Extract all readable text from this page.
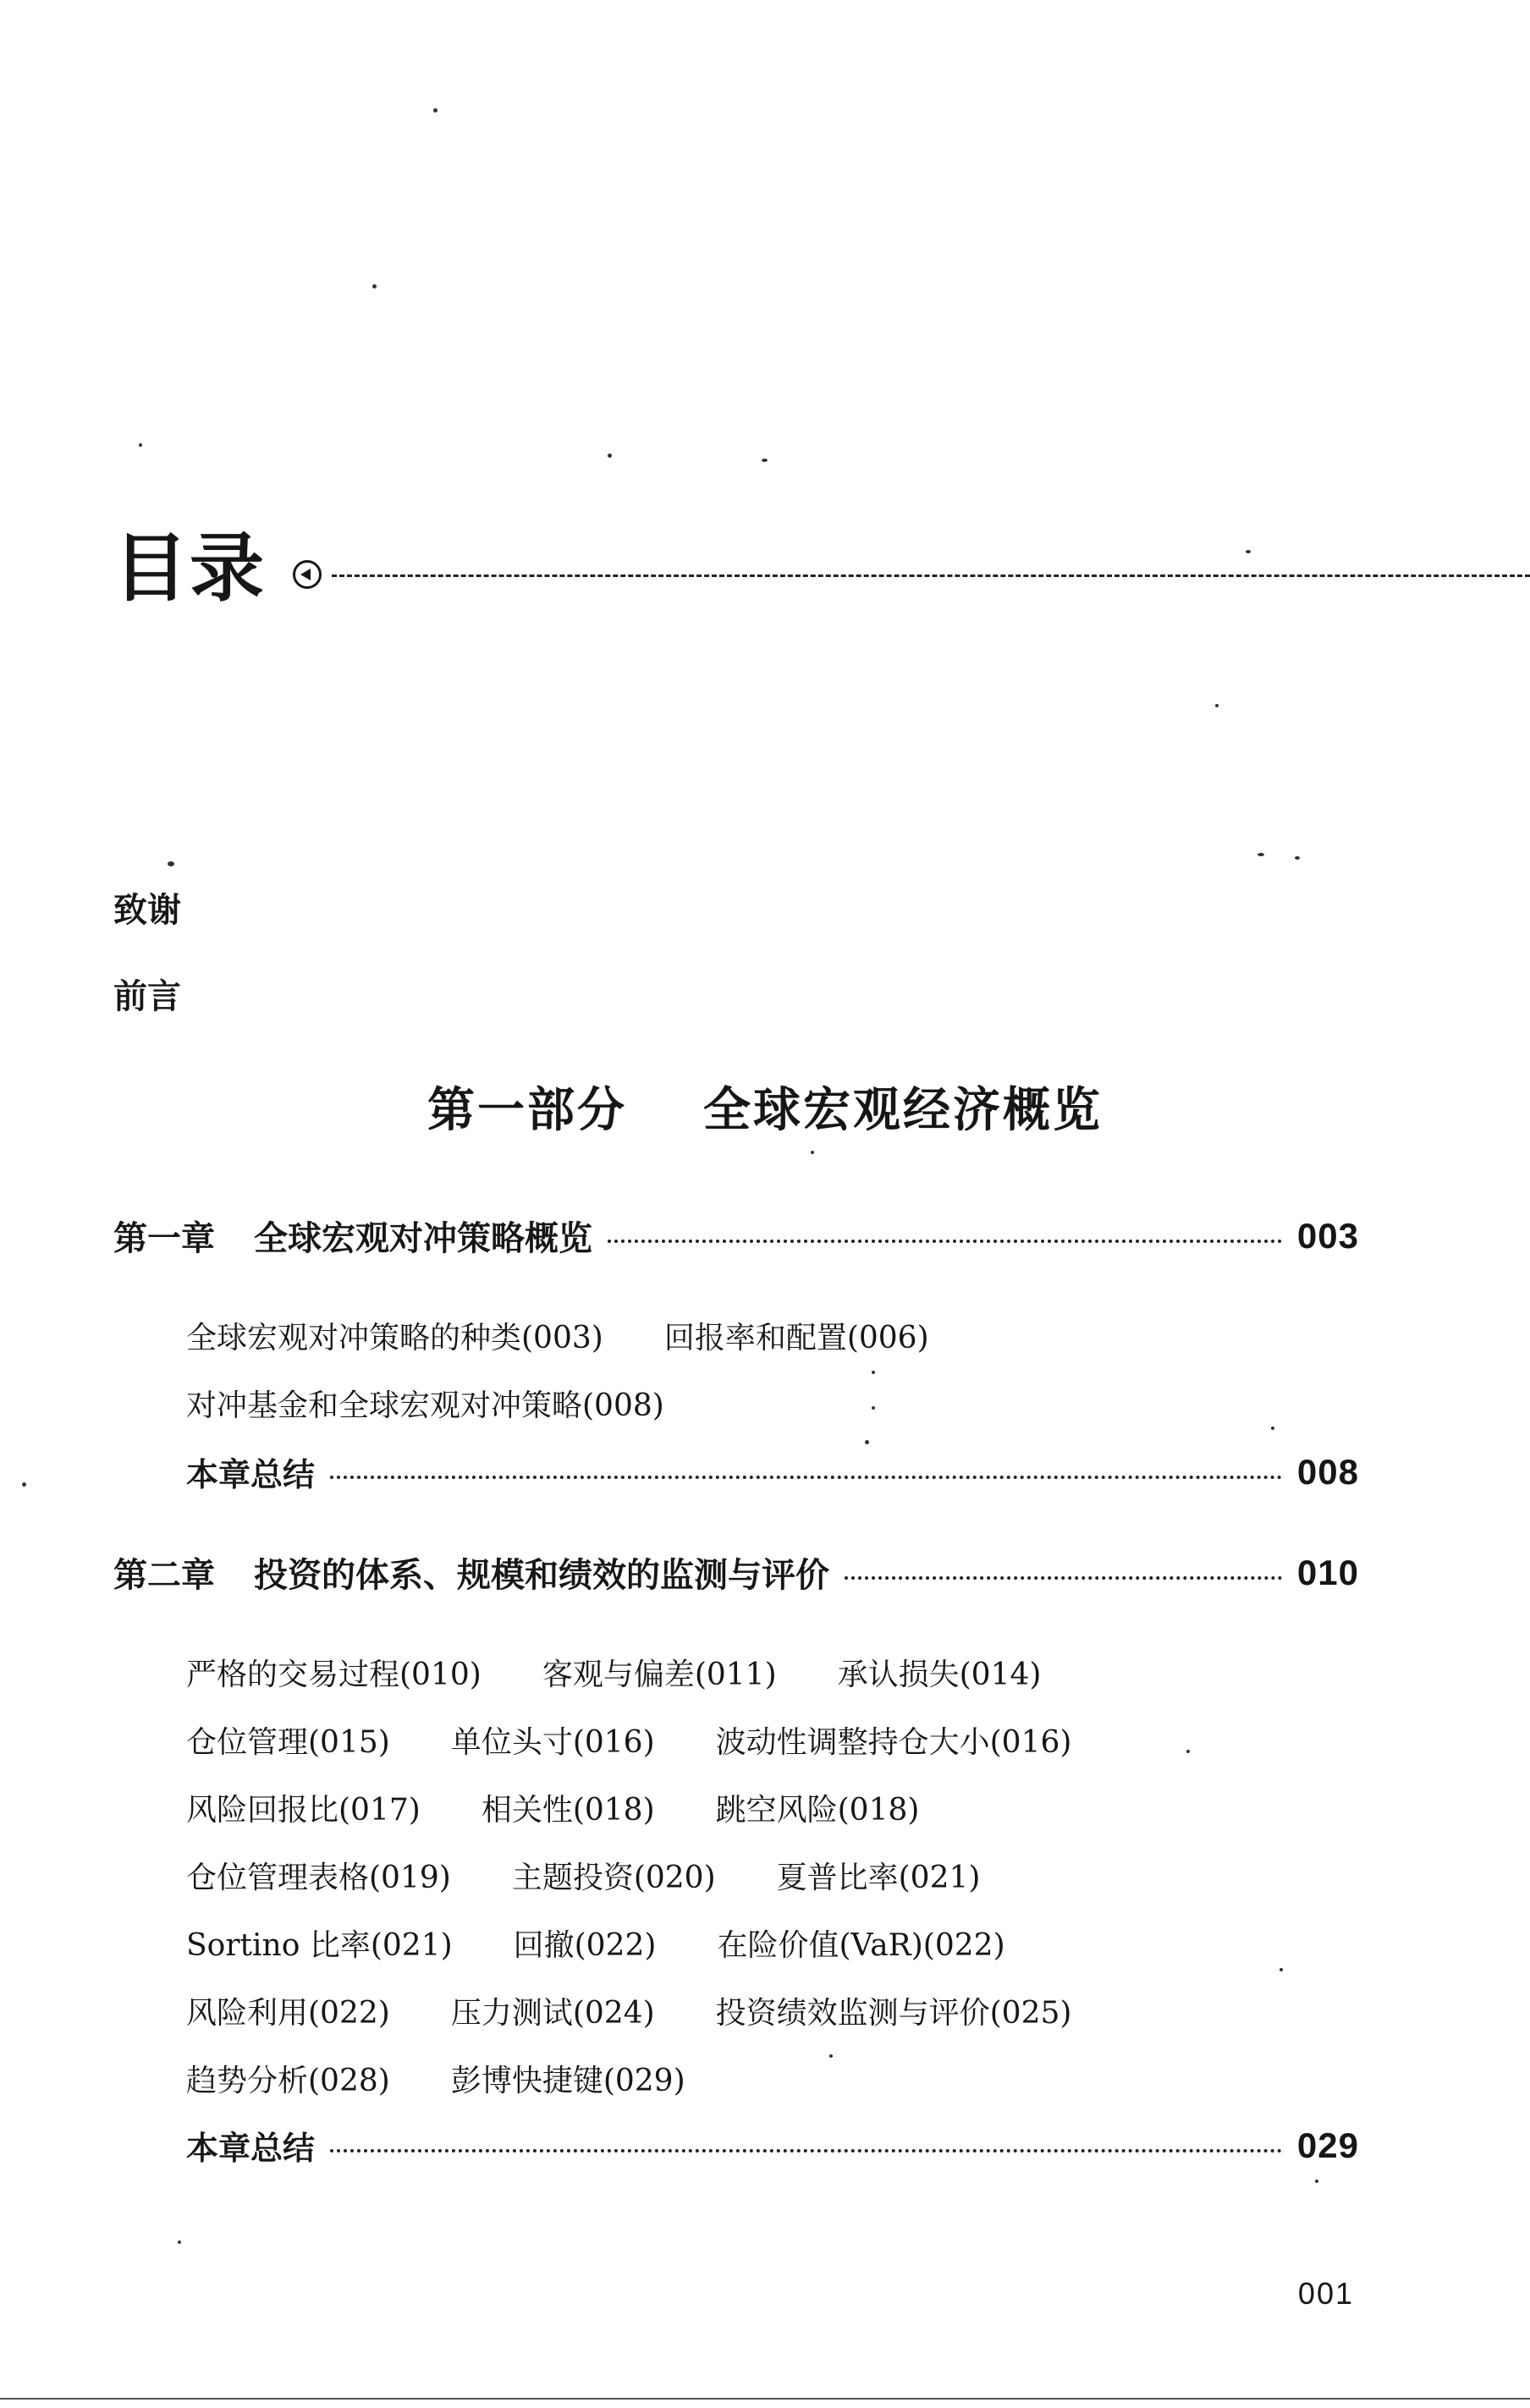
目录
致谢
前言
第一部分    全球宏观经济概览
第一章 全球宏观对冲策略概览	003
全球宏观对冲策略的种类(003) 回报率和配置(006)
对冲基金和全球宏观对冲策略(008)
本章总结	008
第二章 投资的体系、规模和绩效的监测与评价	010
严格的交易过程(010) 客观与偏差(011) 承认损失(014)
仓位管理(015) 单位头寸(016) 波动性调整持仓大小(016)
风险回报比(017) 相关性(018) 跳空风险(018)
仓位管理表格(019) 主题投资(020) 夏普比率(021)
Sortino 比率(021) 回撤(022) 在险价值(VaR)(022)
风险利用(022) 压力测试(024) 投资绩效监测与评价(025)
趋势分析(028) 彭博快捷键(029)
本章总结	029
001
